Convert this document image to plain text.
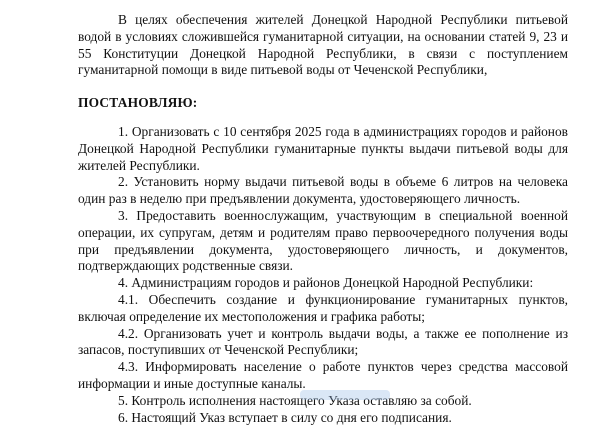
В целях обеспечения жителей Донецкой Народной Республики питьевой водой в условиях сложившейся гуманитарной ситуации, на основании статей 9, 23 и 55 Конституции Донецкой Народной Республики, в связи с поступлением гуманитарной помощи в виде питьевой воды от Чеченской Республики,

ПОСТАНОВЛЯЮ:

1. Организовать с 10 сентября 2025 года в администрациях городов и районов Донецкой Народной Республики гуманитарные пункты выдачи питьевой воды для жителей Республики.

2. Установить норму выдачи питьевой воды в объеме 6 литров на человека один раз в неделю при предъявлении документа, удостоверяющего личность.

3. Предоставить военнослужащим, участвующим в специальной военной операции, их супругам, детям и родителям право первоочередного получения воды при предъявлении документа, удостоверяющего личность, и документов, подтверждающих родственные связи.

4. Администрациям городов и районов Донецкой Народной Республики:

4.1. Обеспечить создание и функционирование гуманитарных пунктов, включая определение их местоположения и графика работы;

4.2. Организовать учет и контроль выдачи воды, а также ее пополнение из запасов, поступивших от Чеченской Республики;

4.3. Информировать население о работе пунктов через средства массовой информации и иные доступные каналы.

5. Контроль исполнения настоящего Указа оставляю за собой.

6. Настоящий Указ вступает в силу со дня его подписания.
